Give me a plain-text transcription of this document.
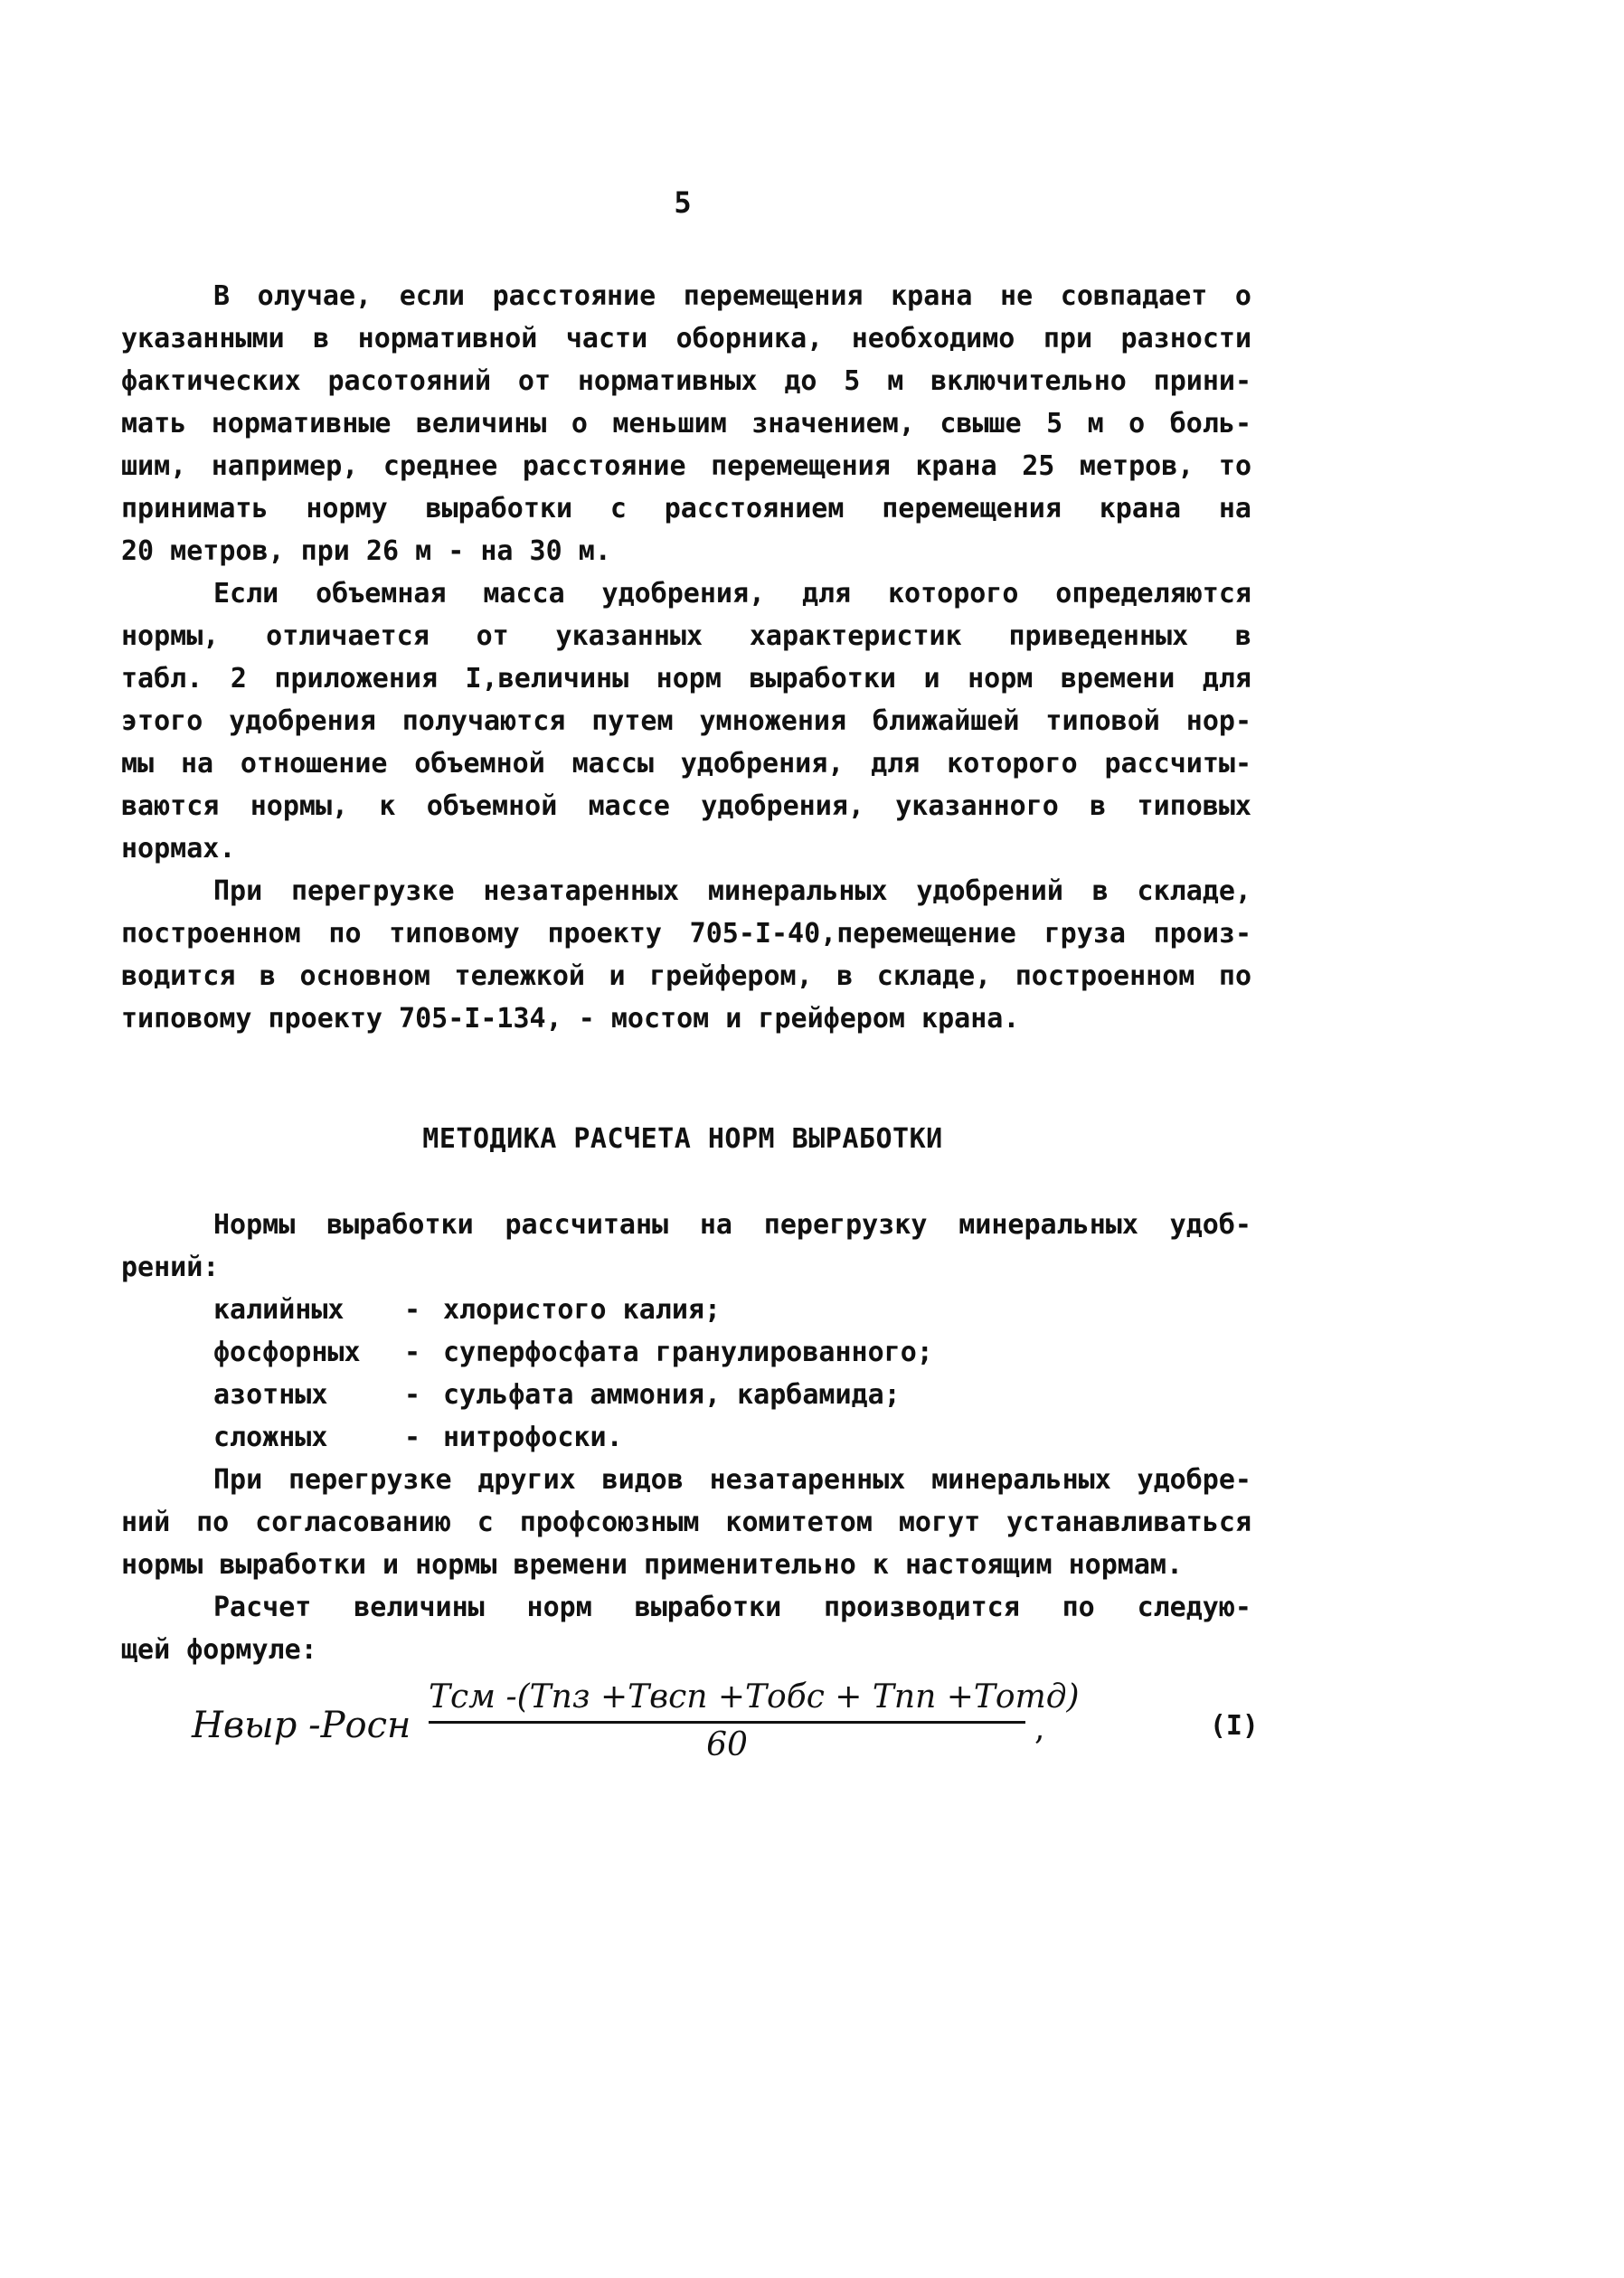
5
В олучае, если расстояние перемещения крана не совпадает о
указанными в нормативной части оборника, необходимо при разности
фактических расотояний от нормативных до 5 м включительно прини-
мать нормативные величины о меньшим значением, свыше 5 м о боль-
шим, например, среднее расстояние перемещения крана 25 метров, то
принимать норму выработки с расстоянием перемещения крана на
20 метров, при 26 м - на 30 м.
Если объемная масса удобрения, для которого определяются
нормы, отличается от указанных характеристик приведенных в
табл. 2 приложения I,величины норм выработки и норм времени для
этого удобрения получаются путем умножения ближайшей типовой нор-
мы на отношение объемной массы удобрения, для которого рассчиты-
ваются нормы, к объемной массе удобрения, указанного в типовых
нормах.
При перегрузке незатаренных минеральных удобрений в складе,
построенном по типовому проекту 705-I-40,перемещение груза произ-
водится в основном тележкой и грейфером, в складе, построенном по
типовому проекту 705-I-134, - мостом и грейфером крана.
МЕТОДИКА РАСЧЕТА НОРМ ВЫРАБОТКИ
Нормы выработки рассчитаны на перегрузку минеральных удоб-
рений:
калийных - хлористого калия;
фосфорных - суперфосфата гранулированного;
азотных	- сульфата аммония, карбамида;
сложных	- нитрофоски.
При перегрузке других видов незатаренных минеральных удобре-
ний по согласованию с профсоюзным комитетом могут устанавливаться
нормы выработки и нормы времени применительно к настоящим нормам.
Расчет величины норм выработки производится по следую-
щей формуле:
Нвыр -Росн
Тсм -(Тпз +Твсп +Тобс + Тпп +Тотд)
60	,	(I)
